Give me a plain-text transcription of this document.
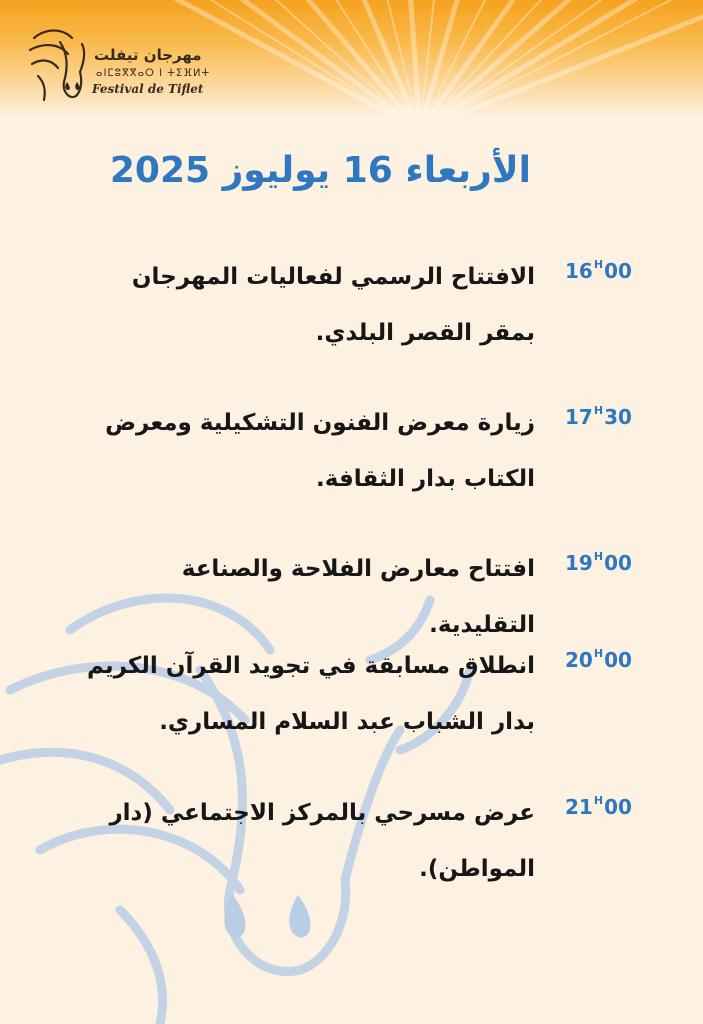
مهرجان تيفلت
ⴰⵏⵎⵓⴳⴳⴰⵔ ⵏ ⵜⵉⴼⵍⵜ
Festival de Tiflet
الأربعاء 16 يوليوز 2025
$16^H00$
الافتتاح الرسمي لفعاليات المهرجان بمقر القصر البلدي.
$17^H30$
زيارة معرض الفنون التشكيلية ومعرض الكتاب بدار الثقافة.
$19^H00$
افتتاح معارض الفلاحة والصناعة التقليدية.
$20^H00$
انطلاق مسابقة في تجويد القرآن الكريم بدار الشباب عبد السلام المساري.
$21^H00$
عرض مسرحي بالمركز الاجتماعي (دار المواطن).
